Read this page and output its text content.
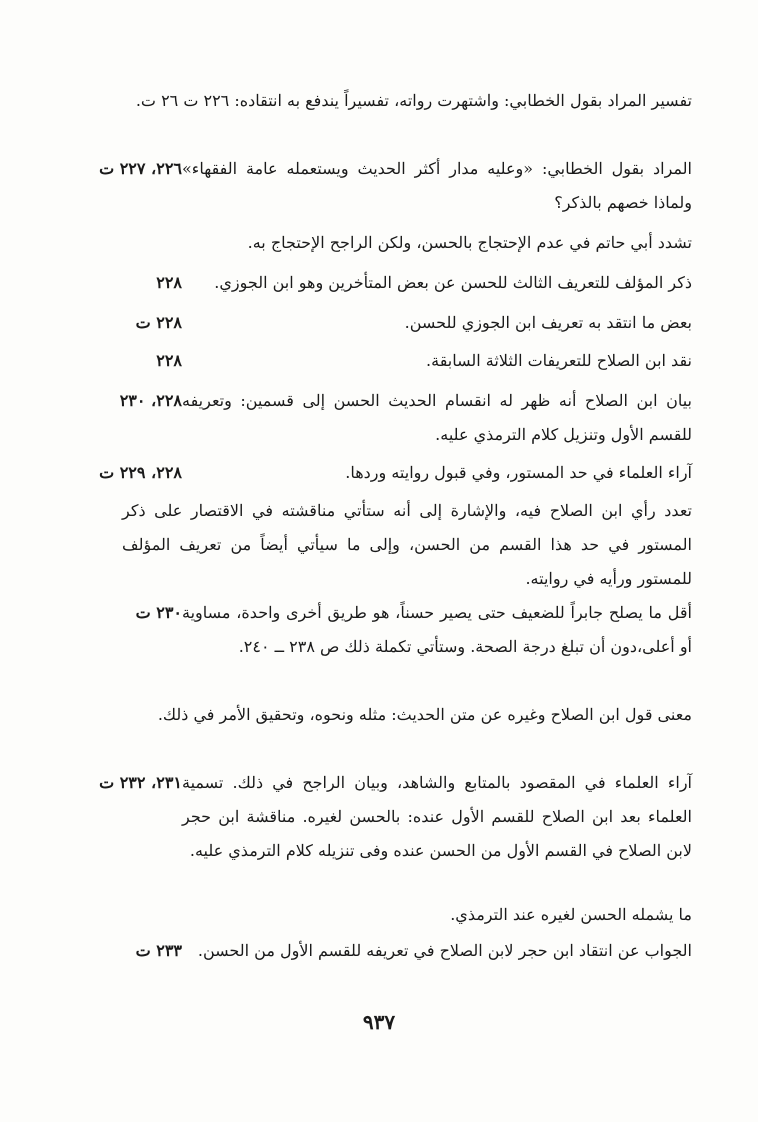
تفسير المراد بقول الخطابي: واشتهرت رواته، تفسيراً يندفع به انتقاده: ٢٢٦ ت ٢٦ ت.

المراد بقول الخطابي: «وعليه مدار أكثر الحديث ويستعمله عامة الفقهاء» ولماذا خصهم بالذكر؟

٢٢٦، ٢٢٧ ت

تشدد أبي حاتم في عدم الإحتجاج بالحسن، ولكن الراجح الإحتجاج به.

ذكر المؤلف للتعريف الثالث للحسن عن بعض المتأخرين وهو ابن الجوزي.

٢٢٨

بعض ما انتقد به تعريف ابن الجوزي للحسن.

٢٢٨ ت

نقد ابن الصلاح للتعريفات الثلاثة السابقة.

٢٢٨

بيان ابن الصلاح أنه ظهر له انقسام الحديث الحسن إلى قسمين: وتعريفه للقسم الأول وتنزيل كلام الترمذي عليه.

٢٢٨، ٢٣٠

آراء العلماء في حد المستور، وفي قبول روايته وردها.

٢٢٨، ٢٢٩ ت

تعدد رأي ابن الصلاح فيه، والإشارة إلى أنه ستأتي مناقشته في الاقتصار على ذكر المستور في حد هذا القسم من الحسن، وإلى ما سيأتي أيضاً من تعريف المؤلف للمستور ورأيه في روايته.

أقل ما يصلح جابراً للضعيف حتى يصير حسناً، هو طريق أخرى واحدة، مساوية أو أعلى،دون أن تبلغ درجة الصحة. وستأتي تكملة ذلك ص ٢٣٨ ــ ٢٤٠.

٢٣٠ ت

معنى قول ابن الصلاح وغيره عن متن الحديث: مثله ونحوه، وتحقيق الأمر في ذلك.

آراء العلماء في المقصود بالمتابع والشاهد، وبيان الراجح في ذلك. تسمية العلماء بعد ابن الصلاح للقسم الأول عنده: بالحسن لغيره. مناقشة ابن حجر لابن الصلاح في القسم الأول من الحسن عنده وفى تنزيله كلام الترمذي عليه.

٢٣١، ٢٣٢ ت

ما يشمله الحسن لغيره عند الترمذي.

الجواب عن انتقاد ابن حجر لابن الصلاح في تعريفه للقسم الأول من الحسن.

٢٣٣ ت
٩٣٧
